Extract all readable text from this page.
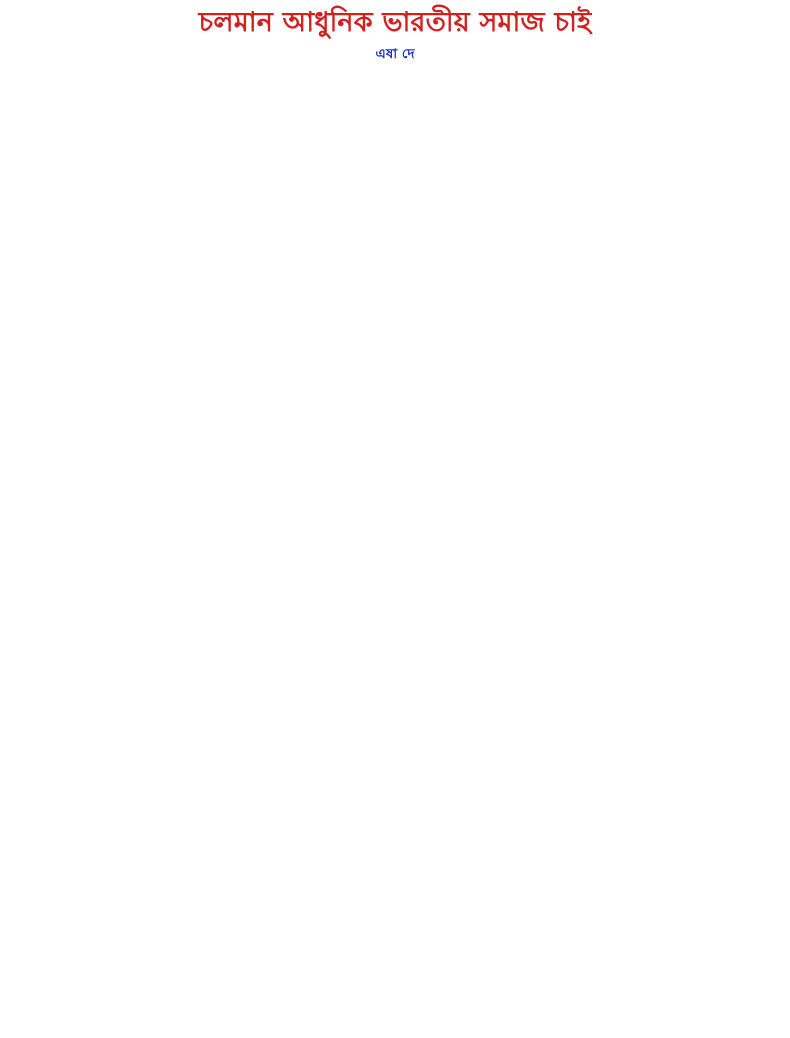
চলমান আধুনিক ভারতীয় সমাজ চাই
এষা দে
